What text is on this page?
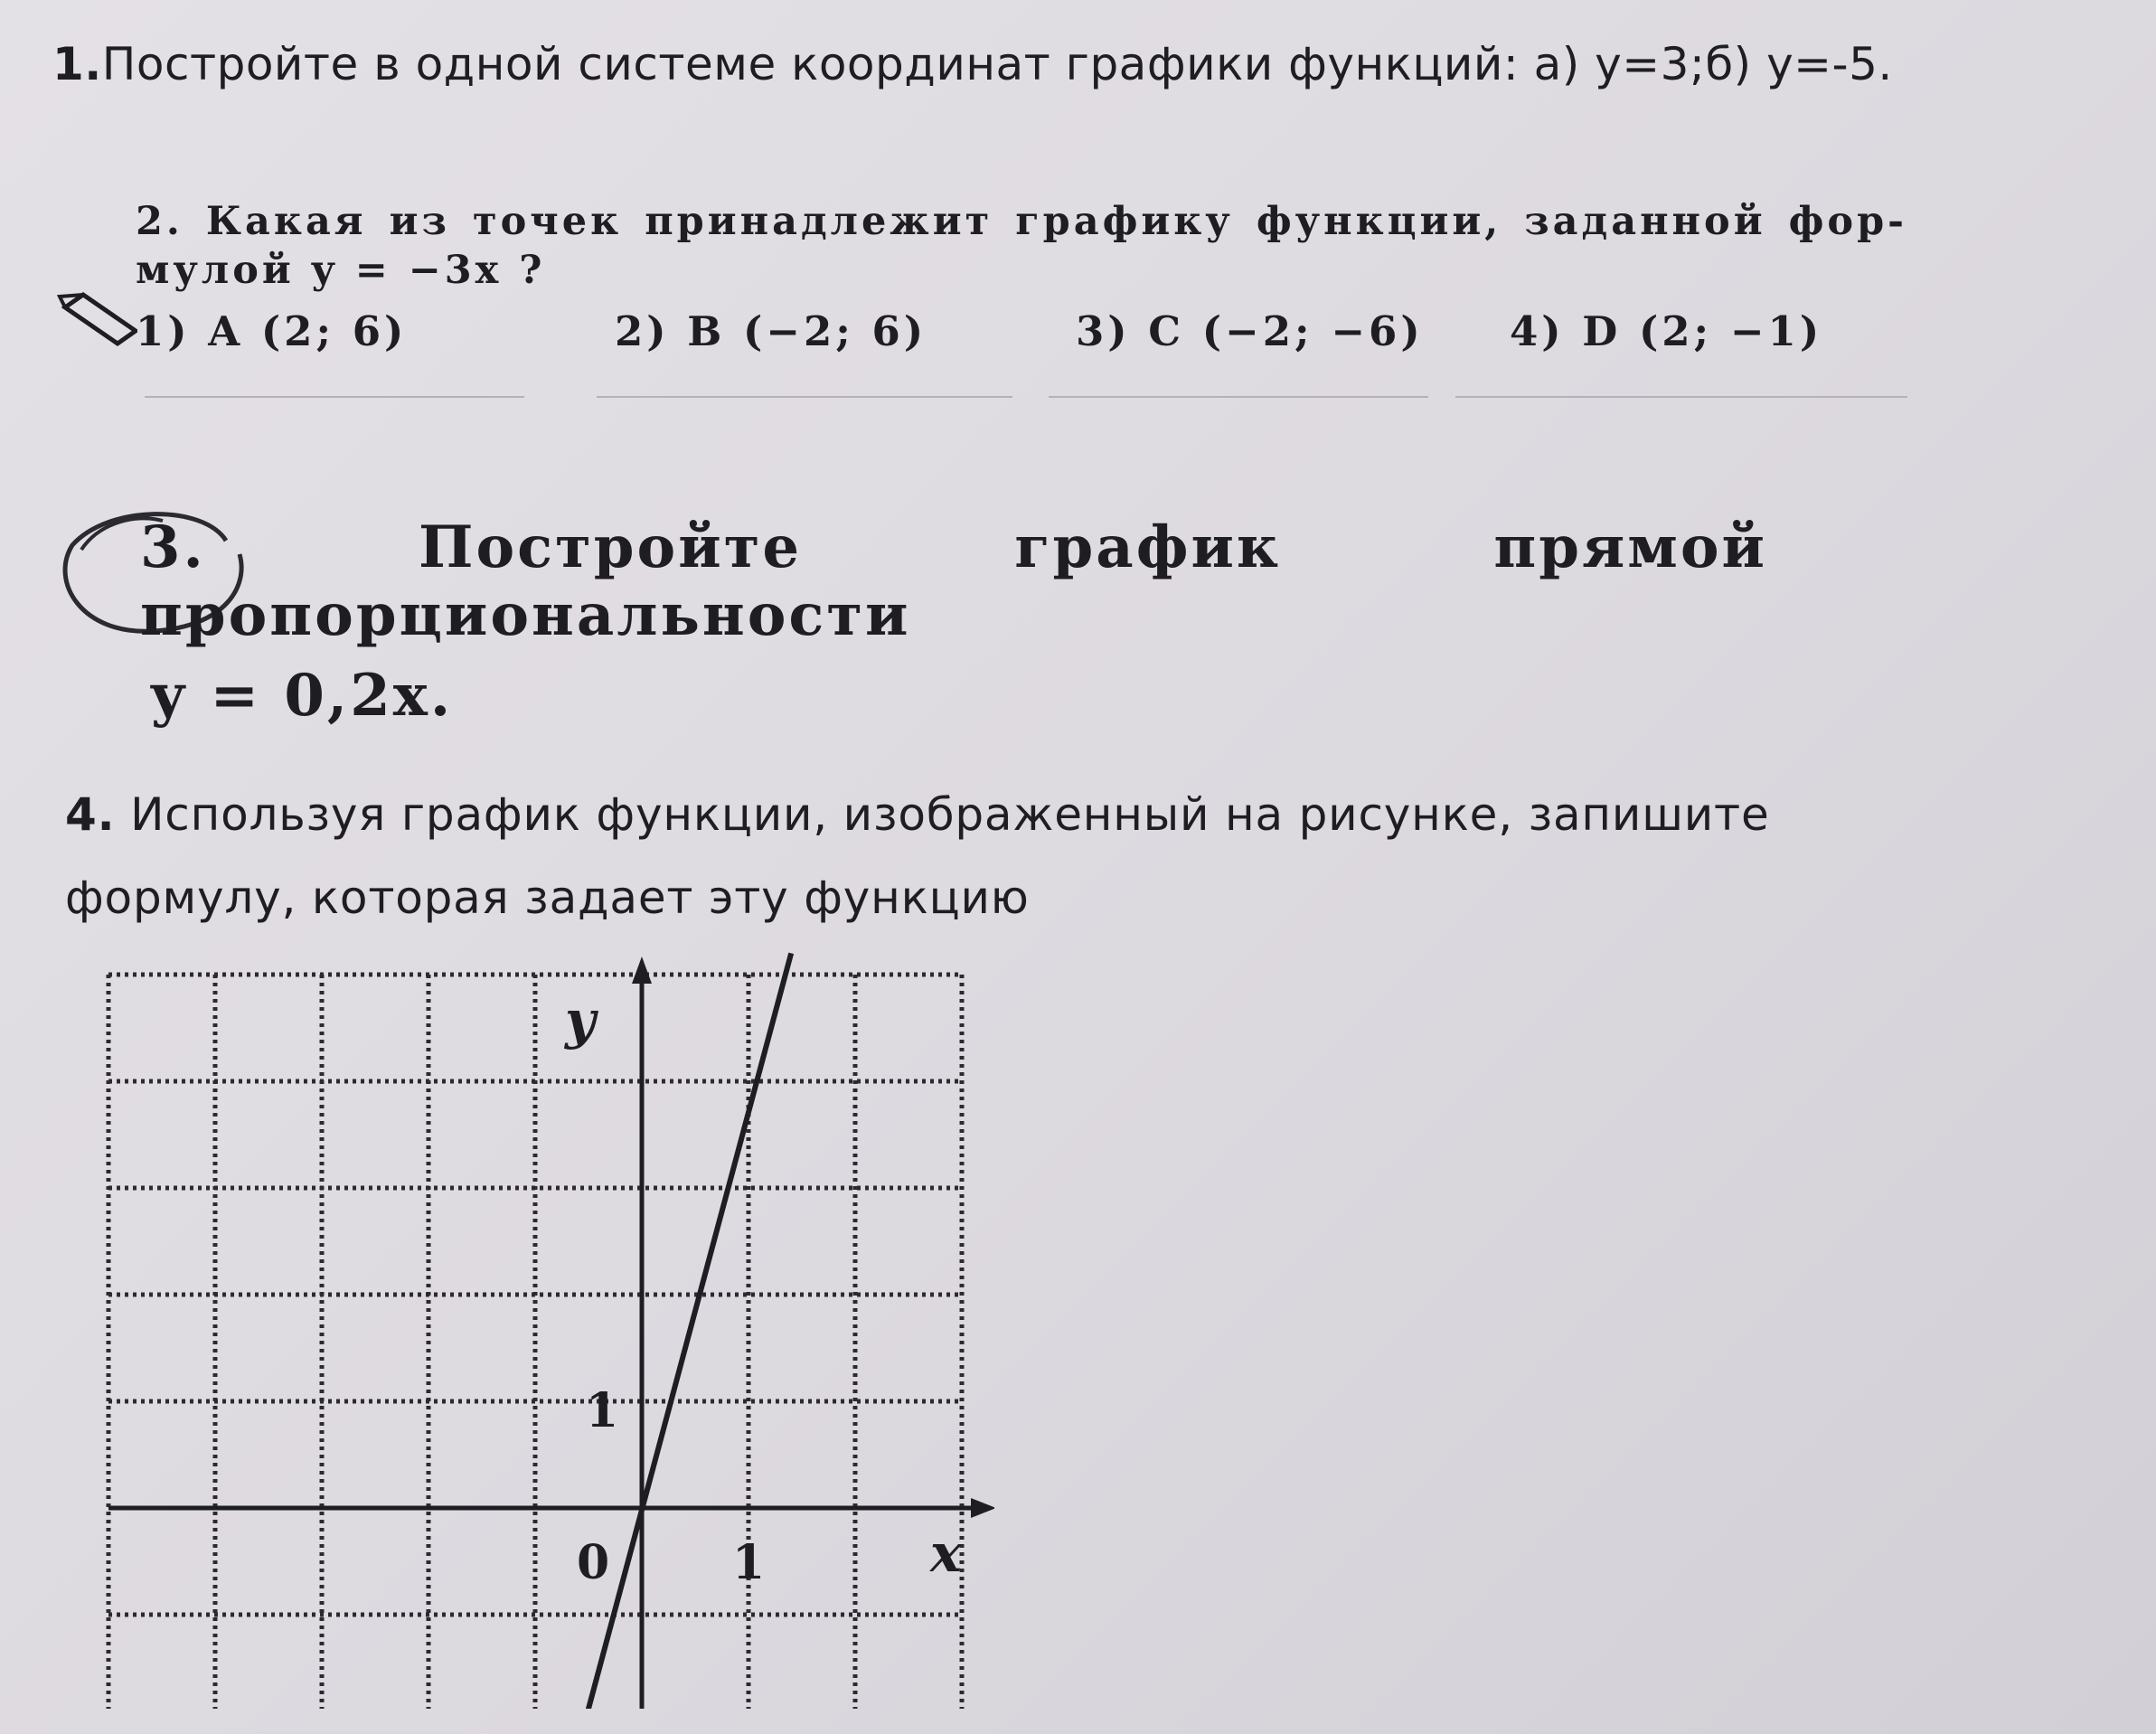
1.Постройте в одной системе координат графики функций: а) y=3;б) y=-5.
2. Какая из точек принадлежит графику функции, заданной фор-
мулой y = −3x ?
1) A (2; 6)	2) B (−2; 6)	3) C (−2; −6) 4) D (2; −1)
3. Постройте график прямой пропорциональности
y = 0,2x.
4. Используя график функции, изображенный на рисунке, запишите
формулу, которая задает эту функцию
y
x
0	1
1
